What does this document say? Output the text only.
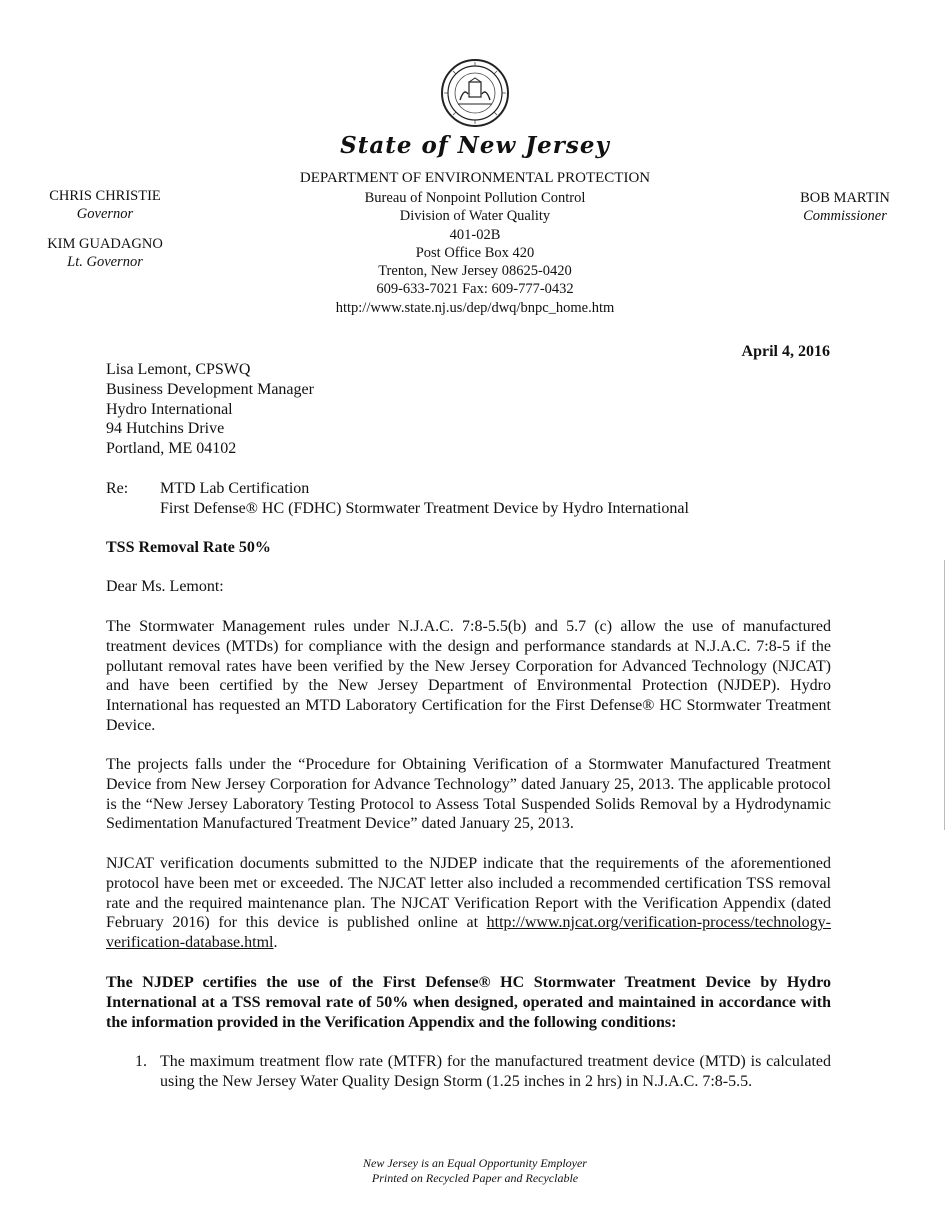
State of New Jersey
DEPARTMENT OF ENVIRONMENTAL PROTECTION
Bureau of Nonpoint Pollution Control
Division of Water Quality
401-02B
Post Office Box 420
Trenton, New Jersey 08625-0420
609-633-7021 Fax: 609-777-0432
http://www.state.nj.us/dep/dwq/bnpc_home.htm
CHRIS CHRISTIE
Governor
KIM GUADAGNO
Lt. Governor
BOB MARTIN
Commissioner
April 4, 2016
Lisa Lemont, CPSWQ
Business Development Manager
Hydro International
94 Hutchins Drive
Portland, ME 04102
Re: MTD Lab Certification
First Defense® HC (FDHC) Stormwater Treatment Device by Hydro International
TSS Removal Rate 50%
Dear Ms. Lemont:
The Stormwater Management rules under N.J.A.C. 7:8-5.5(b) and 5.7 (c) allow the use of manufactured treatment devices (MTDs) for compliance with the design and performance standards at N.J.A.C. 7:8-5 if the pollutant removal rates have been verified by the New Jersey Corporation for Advanced Technology (NJCAT) and have been certified by the New Jersey Department of Environmental Protection (NJDEP). Hydro International has requested an MTD Laboratory Certification for the First Defense® HC Stormwater Treatment Device.
The projects falls under the “Procedure for Obtaining Verification of a Stormwater Manufactured Treatment Device from New Jersey Corporation for Advance Technology” dated January 25, 2013. The applicable protocol is the “New Jersey Laboratory Testing Protocol to Assess Total Suspended Solids Removal by a Hydrodynamic Sedimentation Manufactured Treatment Device” dated January 25, 2013.
NJCAT verification documents submitted to the NJDEP indicate that the requirements of the aforementioned protocol have been met or exceeded. The NJCAT letter also included a recommended certification TSS removal rate and the required maintenance plan. The NJCAT Verification Report with the Verification Appendix (dated February 2016) for this device is published online at http://www.njcat.org/verification-process/technology-verification-database.html.
The NJDEP certifies the use of the First Defense® HC Stormwater Treatment Device by Hydro International at a TSS removal rate of 50% when designed, operated and maintained in accordance with the information provided in the Verification Appendix and the following conditions:
1. The maximum treatment flow rate (MTFR) for the manufactured treatment device (MTD) is calculated using the New Jersey Water Quality Design Storm (1.25 inches in 2 hrs) in N.J.A.C. 7:8-5.5.
New Jersey is an Equal Opportunity Employer
Printed on Recycled Paper and Recyclable
